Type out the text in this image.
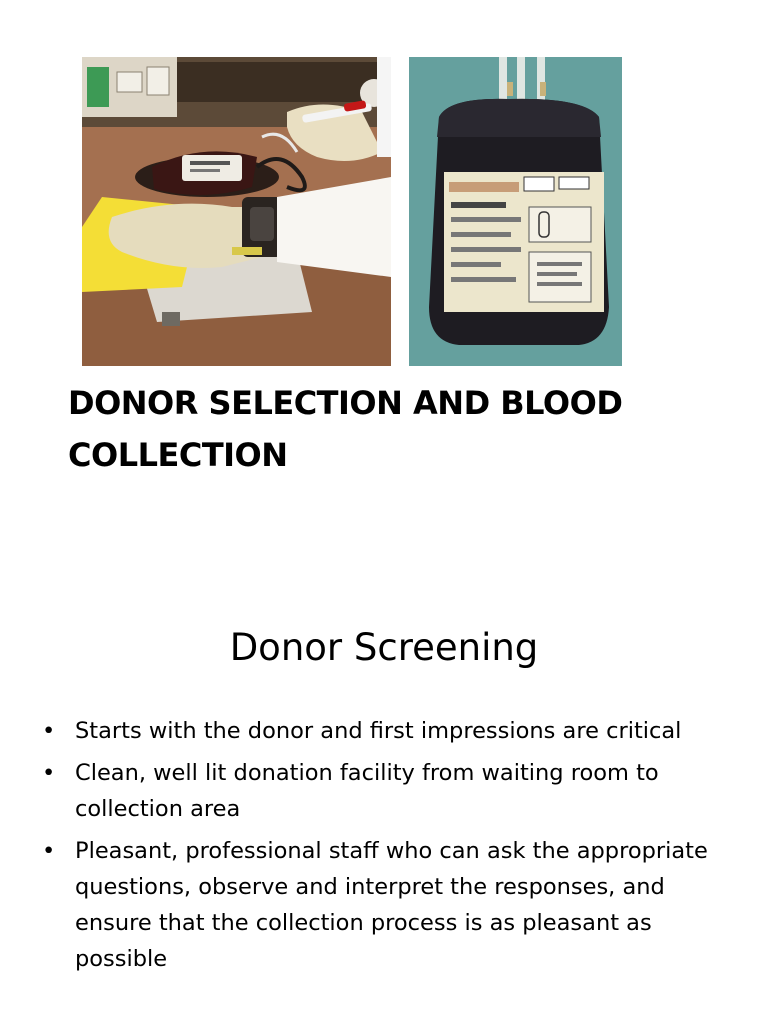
DONOR SELECTION AND BLOOD COLLECTION
Donor Screening
• Starts with the donor and first impressions are critical
• Clean, well lit donation facility from waiting room to collection area
• Pleasant, professional staff who can ask the appropriate questions, observe and interpret the responses, and ensure that the collection process is as pleasant as possible
